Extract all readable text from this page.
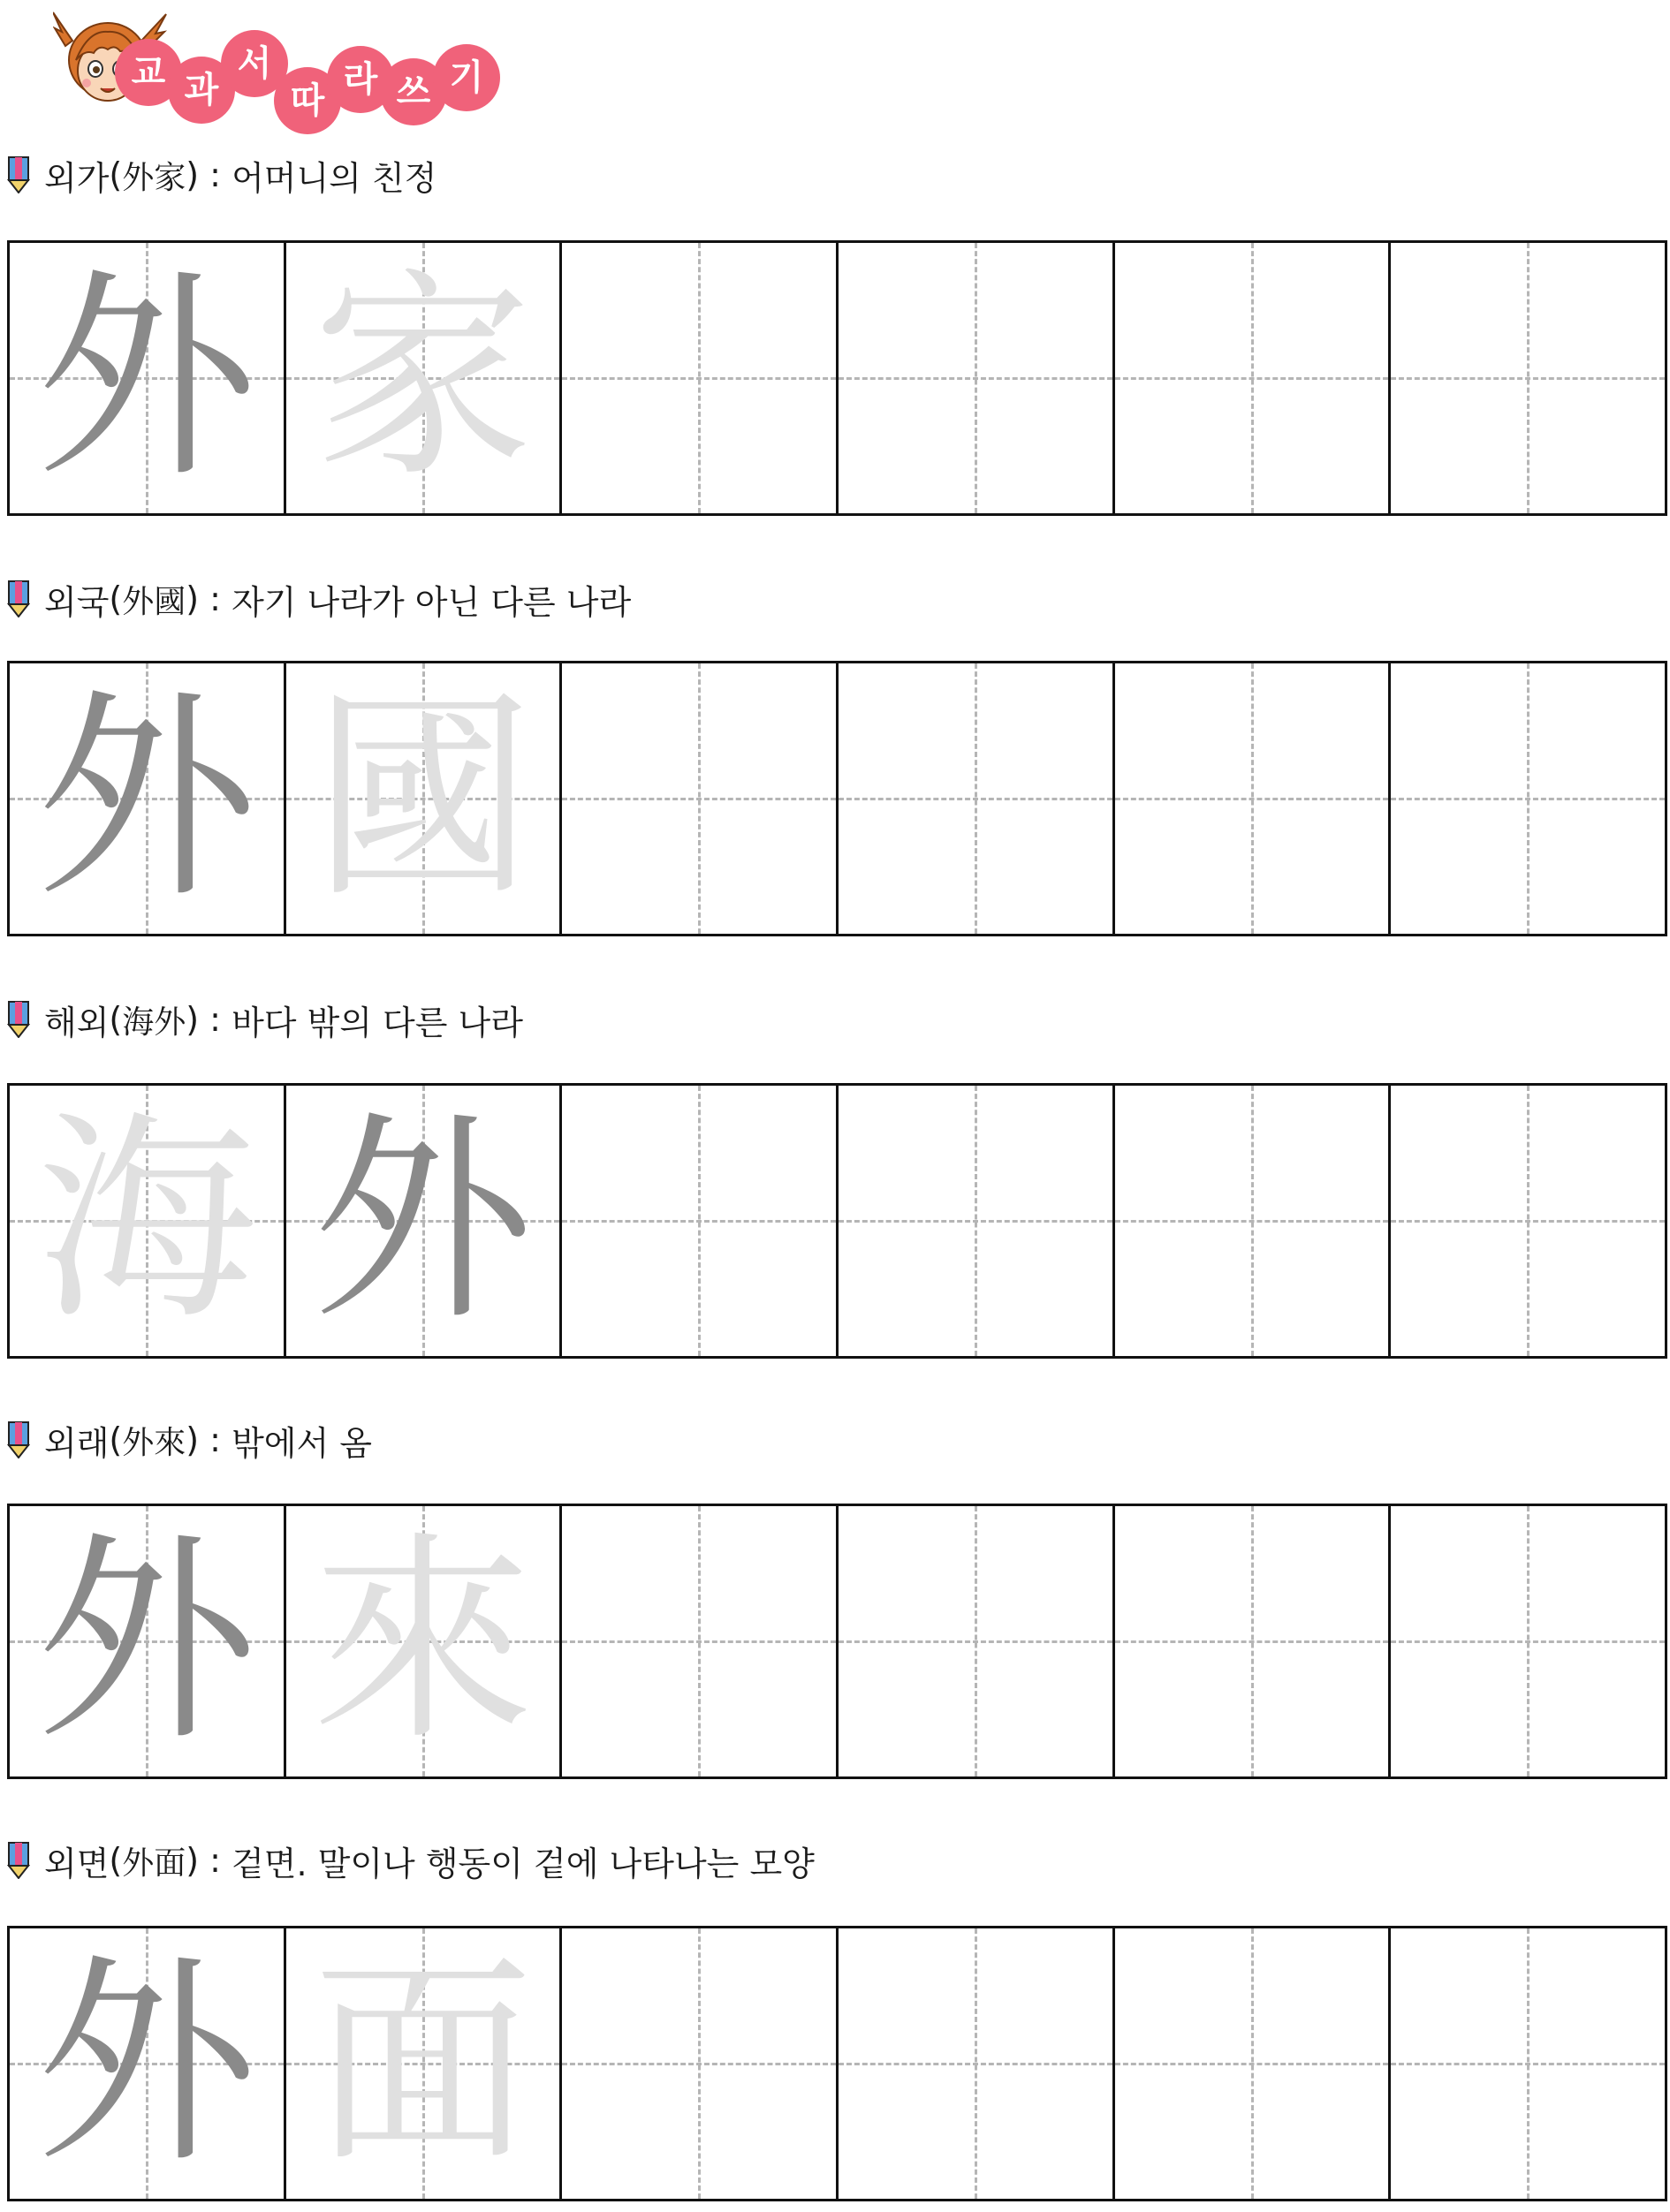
교 과
서
따
라 쓰 기
외가 ( 外家 ) : 어머니의 친정
外 家
외국 ( 外國 ) : 자기 나라가 아닌 다른 나라
外 國
해외 ( 海外 ) : 바다 밖의 다른 나라
海 外
외래 ( 外來 ) : 밖에서 옴
外 來
외면 ( 外面 ) : 겉면. 말이나 행동이 겉에 나타나는 모양
外 面
